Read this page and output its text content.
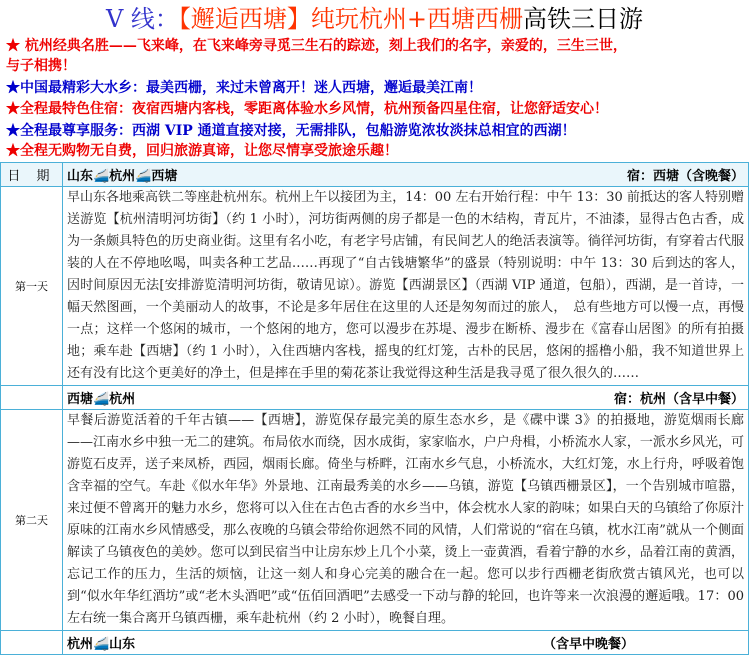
V 线：【邂逅西塘】纯玩杭州+西塘西栅高铁三日游
★ 杭州经典名胜——飞来峰，在飞来峰旁寻觅三生石的踪迹，刻上我们的名字，亲爱的，三生三世，
与子相携！
★中国最精彩大水乡：最美西栅，来过未曾离开！迷人西塘，邂逅最美江南！
★全程最特色住宿：夜宿西塘内客栈，零距离体验水乡风情，杭州预备四星住宿，让您舒适安心！
★全程最尊享服务：西湖 VIP 通道直接对接，无需排队，包船游览浓妆淡抹总相宜的西湖！
★全程无购物无自费，回归旅游真谛，让您尽情享受旅途乐趣！
日 期	山东🚄杭州🚄西塘 宿：西塘（含晚餐）

第一天	早山东各地乘高铁二等座赴杭州东。杭州上午以接团为主，14：00 左右开始行程：中午 13：30 前抵达的客人特别赠送游览【杭州清明河坊街】（约 1 小时），河坊街两侧的房子都是一色的木结构，青瓦片，不油漆，显得古色古香，成为一条颇具特色的历史商业街。这里有名小吃，有老字号店铺，有民间艺人的绝活表演等。徜徉河坊街，有穿着古代服装的人在不停地吆喝，叫卖各种工艺品……再现了“自古钱塘繁华”的盛景（特别说明：中午 13：30 后到达的客人，因时间原因无法[安排游览清明河坊街，敬请见谅）。游览【西湖景区】（西湖 VIP 通道，包船），西湖，是一首诗，一幅天然图画，一个美丽动人的故事，不论是多年居住在这里的人还是匆匆而过的旅人，　总有些地方可以慢一点，再慢一点；这样一个悠闲的城市，一个悠闲的地方，您可以漫步在苏堤、漫步在断桥、漫步在《富春山居图》的所有拍摄地；乘车赴【西塘】（约 1 小时），入住西塘内客栈，摇曳的红灯笼，古朴的民居，悠闲的摇橹小船，我不知道世界上还有没有比这个更美好的净土，但是摔在手里的菊花茶让我觉得这种生活是我寻觅了很久很久的……
	西塘🚄杭州 宿：杭州（含早中餐）

第二天	早餐后游览活着的千年古镇——【西塘】，游览保存最完美的原生态水乡，是《碟中谍 3》的拍摄地，游览烟雨长廊——江南水乡中独一无二的建筑。布局依水而绕，因水成街，家家临水，户户舟楫，小桥流水人家，一派水乡风光，可游览石皮弄，送子来凤桥，西园，烟雨长廊。倚坐与桥畔，江南水乡气息，小桥流水，大红灯笼，水上行舟，呼吸着饱含幸福的空气。车赴《似水年华》外景地、江南最秀美的水乡——乌镇，游览【乌镇西栅景区】，一个告别城市喧嚣，来过便不曾离开的魅力水乡，您将可以入住在古色古香的水乡当中，体会枕水人家的韵味；如果白天的乌镇给了你原汁原味的江南水乡风情感受，那么夜晚的乌镇会带给你迥然不同的风情，人们常说的“宿在乌镇，枕水江南”就从一个侧面解读了乌镇夜色的美妙。您可以到民宿当中让房东炒上几个小菜，烫上一壶黄酒，看着宁静的水乡，品着江南的黄酒，忘记工作的压力，生活的烦恼，让这一刻人和身心完美的融合在一起。您可以步行西栅老街欣赏古镇风光，也可以到“似水年华红酒坊”或“老木头酒吧”或“伍佰回酒吧”去感受一下动与静的轮回，也许等来一次浪漫的邂逅哦。17：00 左右统一集合离开乌镇西栅，乘车赴杭州（约 2 小时），晚餐自理。
	杭州🚄山东 （含早中晚餐）
